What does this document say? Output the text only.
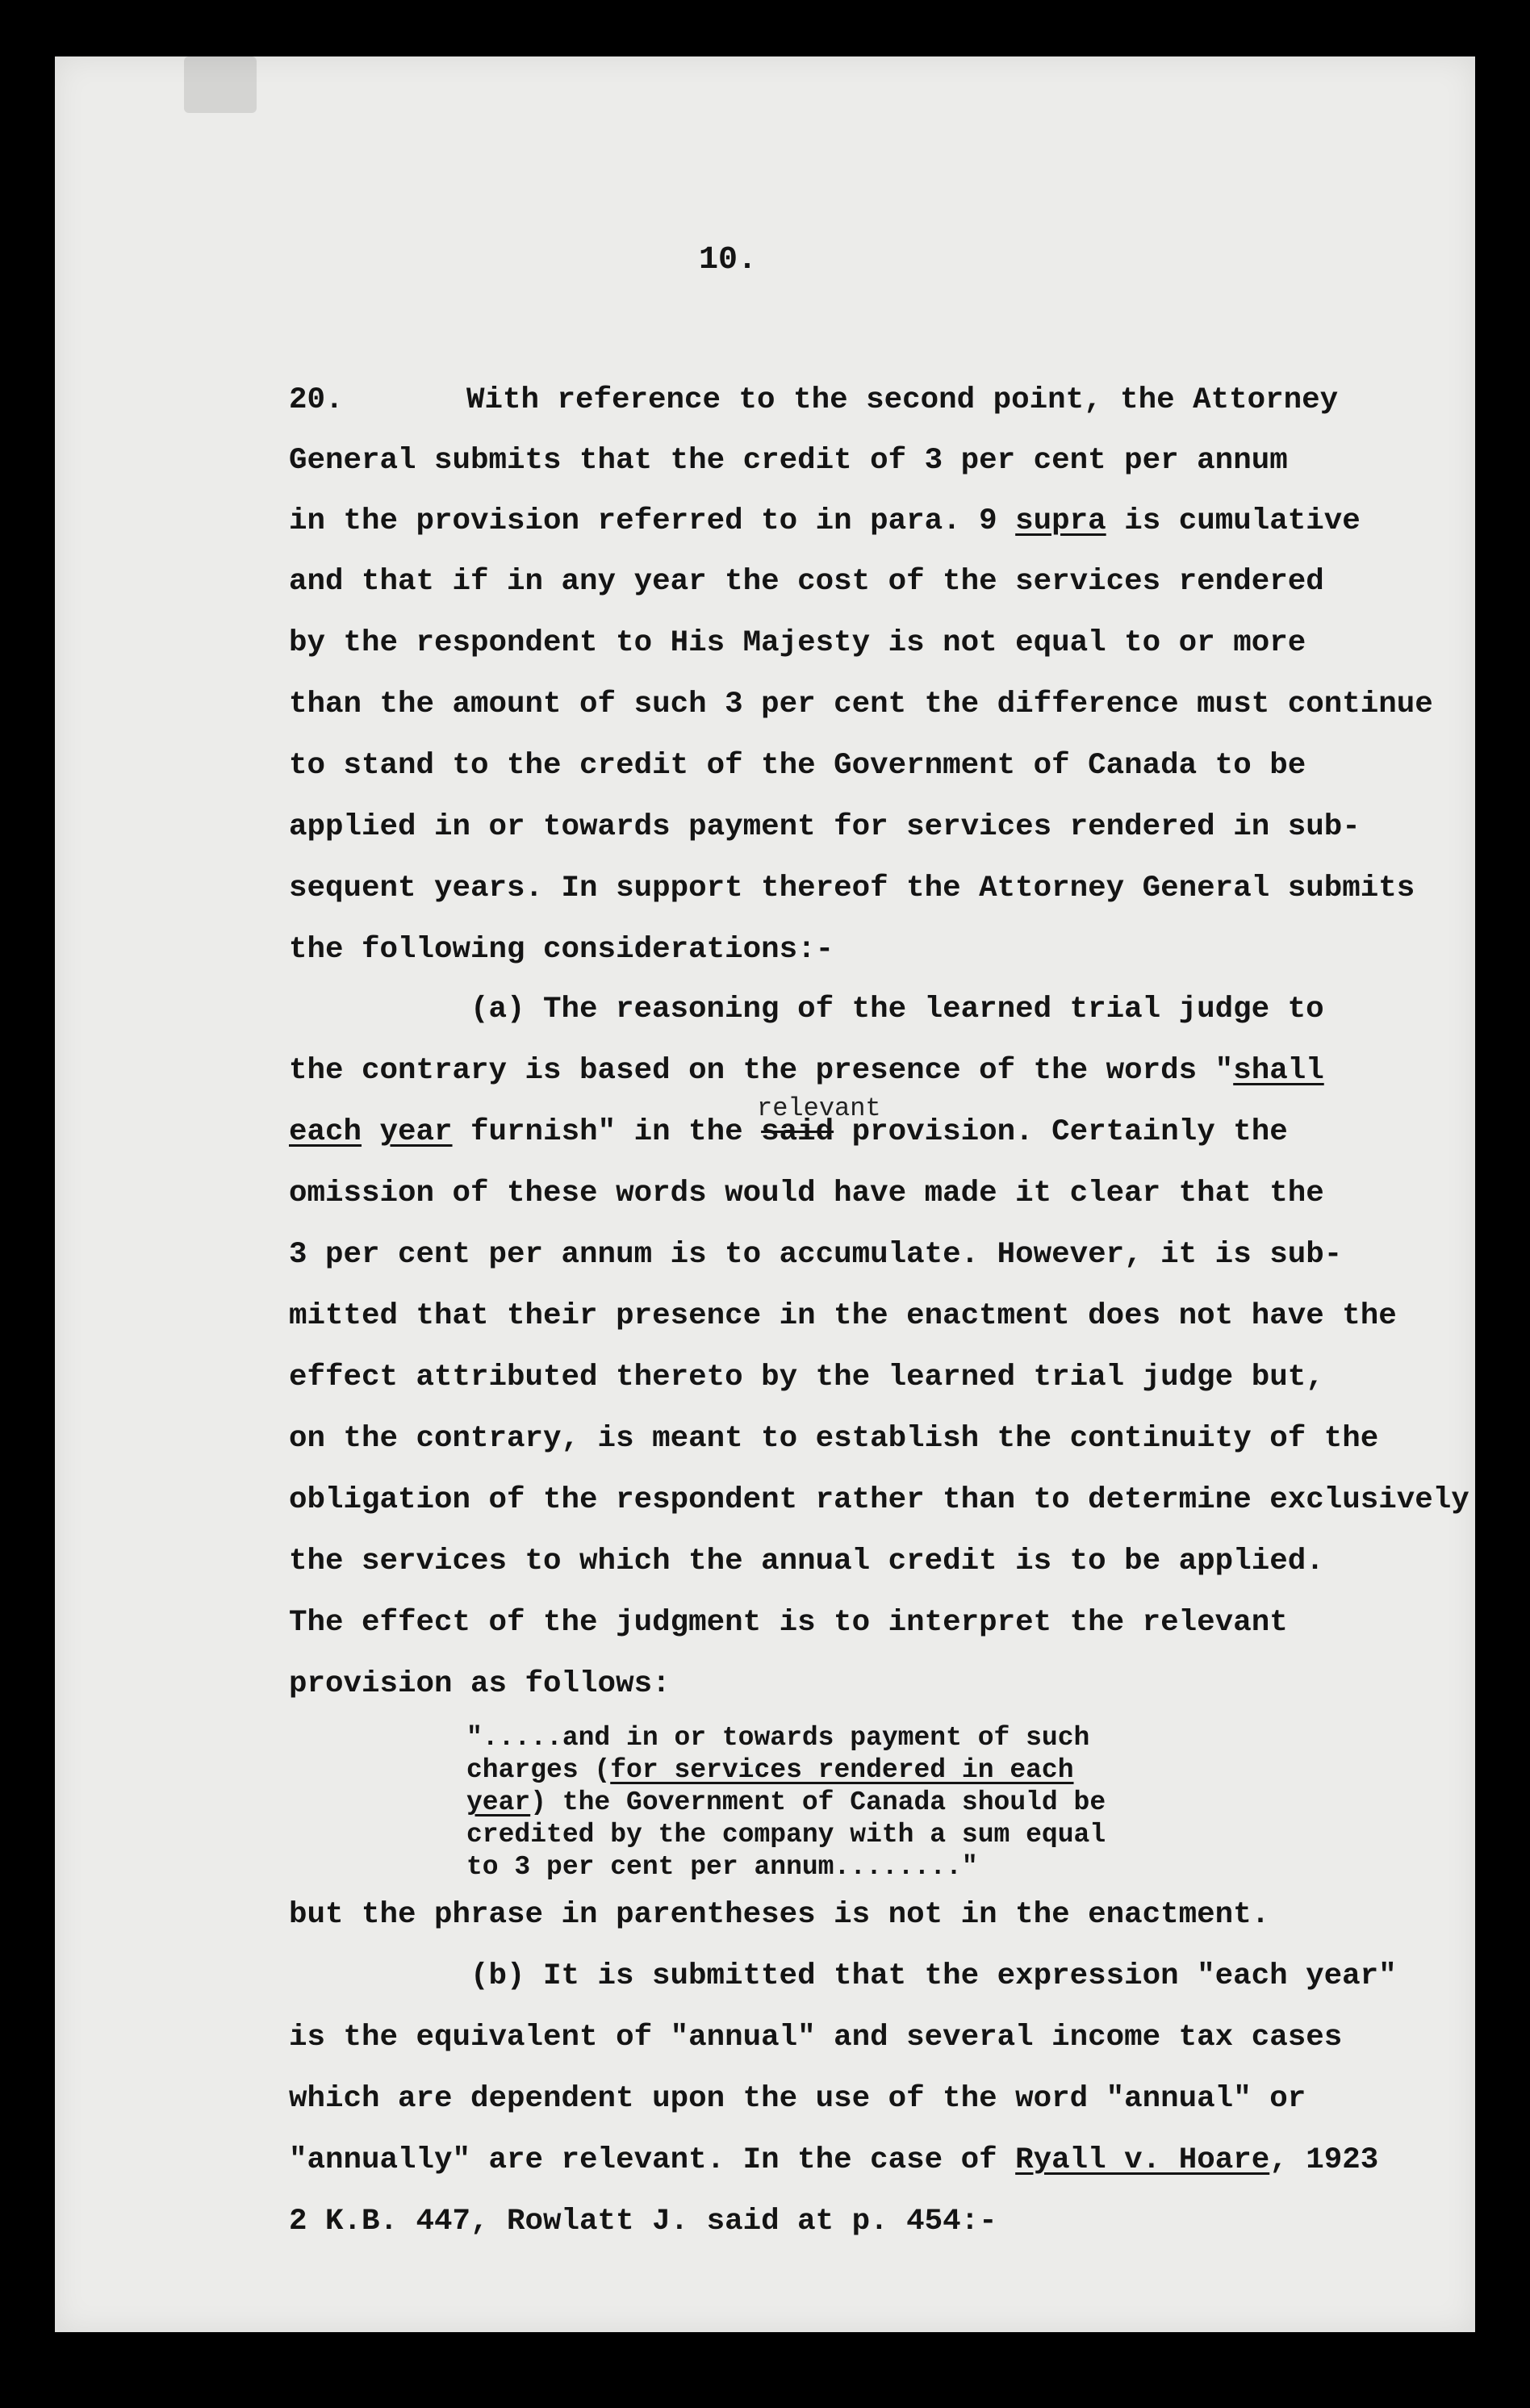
10.
20.	With reference to the second point, the Attorney
General submits that the credit of 3 per cent per annum
in the provision referred to in para. 9 supra is cumulative
and that if in any year the cost of the services rendered
by the respondent to His Majesty is not equal to or more
than the amount of such 3 per cent the difference must continue
to stand to the credit of the Government of Canada to be
applied in or towards payment for services rendered in sub-
sequent years. In support thereof the Attorney General submits
the following considerations:-
(a) The reasoning of the learned trial judge to
the contrary is based on the presence of the words "shall
relevant
each year furnish" in the said provision. Certainly the
omission of these words would have made it clear that the
3 per cent per annum is to accumulate. However, it is sub-
mitted that their presence in the enactment does not have the
effect attributed thereto by the learned trial judge but,
on the contrary, is meant to establish the continuity of the
obligation of the respondent rather than to determine exclusively
the services to which the annual credit is to be applied.
The effect of the judgment is to interpret the relevant
provision as follows:
".....and in or towards payment of such
charges (for services rendered in each
year) the Government of Canada should be
credited by the company with a sum equal
to 3 per cent per annum........"
but the phrase in parentheses is not in the enactment.
(b) It is submitted that the expression "each year"
is the equivalent of "annual" and several income tax cases
which are dependent upon the use of the word "annual" or
"annually" are relevant. In the case of Ryall v. Hoare, 1923
2 K.B. 447, Rowlatt J. said at p. 454:-
